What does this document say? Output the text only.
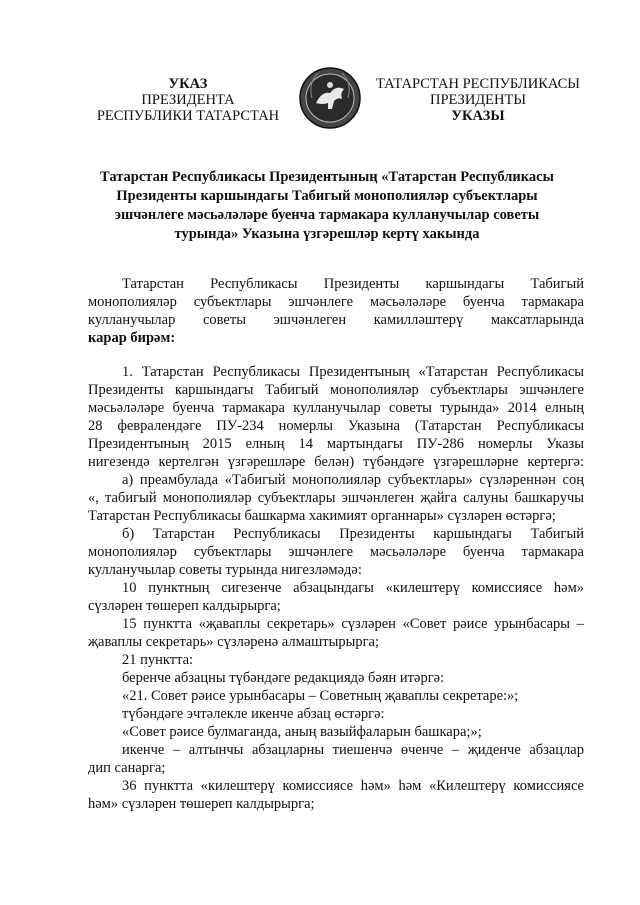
УКАЗ
ПРЕЗИДЕНТА
РЕСПУБЛИКИ ТАТАРСТАН
ТАТАРСТАН РЕСПУБЛИКАСЫ
ПРЕЗИДЕНТЫ
УКАЗЫ
Татарстан Республикасы Президентының «Татарстан Республикасы
Президенты каршындагы Табигый монополияләр субъектлары
эшчәнлеге мәсьәләләре буенча тармакара кулланучылар советы
турында» Указына үзгәрешләр кертү хакында
Татарстан Республикасы Президенты каршындагы Табигый
монополияләр субъектлары эшчәнлеге мәсьәләләре буенча тармакара
кулланучылар советы эшчәнлеген камилләштерү максатларында
карар бирәм:
1. Татарстан Республикасы Президентының «Татарстан Республикасы
Президенты каршындагы Табигый монополияләр субъектлары эшчәнлеге
мәсьәләләре буенча тармакара кулланучылар советы турында» 2014 елның
28 февралендәге ПУ-234 номерлы Указына (Татарстан Республикасы
Президентының 2015 елның 14 мартындагы ПУ-286 номерлы Указы
нигезендә кертелгән үзгәрешләре белән) түбәндәге үзгәрешләрне кертергә:
а) преамбулада «Табигый монополияләр субъектлары» сүзләреннән соң
«, табигый монополияләр субъектлары эшчәнлеген җайга салуны башкаручы
Татарстан Республикасы башкарма хакимият органнары» сүзләрен өстәргә;
б) Татарстан Республикасы Президенты каршындагы Табигый
монополияләр субъектлары эшчәнлеге мәсьәләләре буенча тармакара
кулланучылар советы турында нигезләмәдә:
10 пунктның сигезенче абзацындагы «килештерү комиссиясе һәм»
сүзләрен төшереп калдырырга;
15 пунктта «җаваплы секретарь» сүзләрен «Совет рәисе урынбасары –
җаваплы секретарь» сүзләренә алмаштырырга;
21 пунктта:
беренче абзацны түбәндәге редакциядә бәян итәргә:
«21. Совет рәисе урынбасары – Советның җаваплы секретаре:»;
түбәндәге эчтәлекле икенче абзац өстәргә:
«Совет рәисе булмаганда, аның вазыйфаларын башкара;»;
икенче – алтынчы абзацларны тиешенчә өченче – җиденче абзацлар
дип санарга;
36 пунктта «килештерү комиссиясе һәм» һәм «Килештерү комиссиясе
һәм» сүзләрен төшереп калдырырга;
